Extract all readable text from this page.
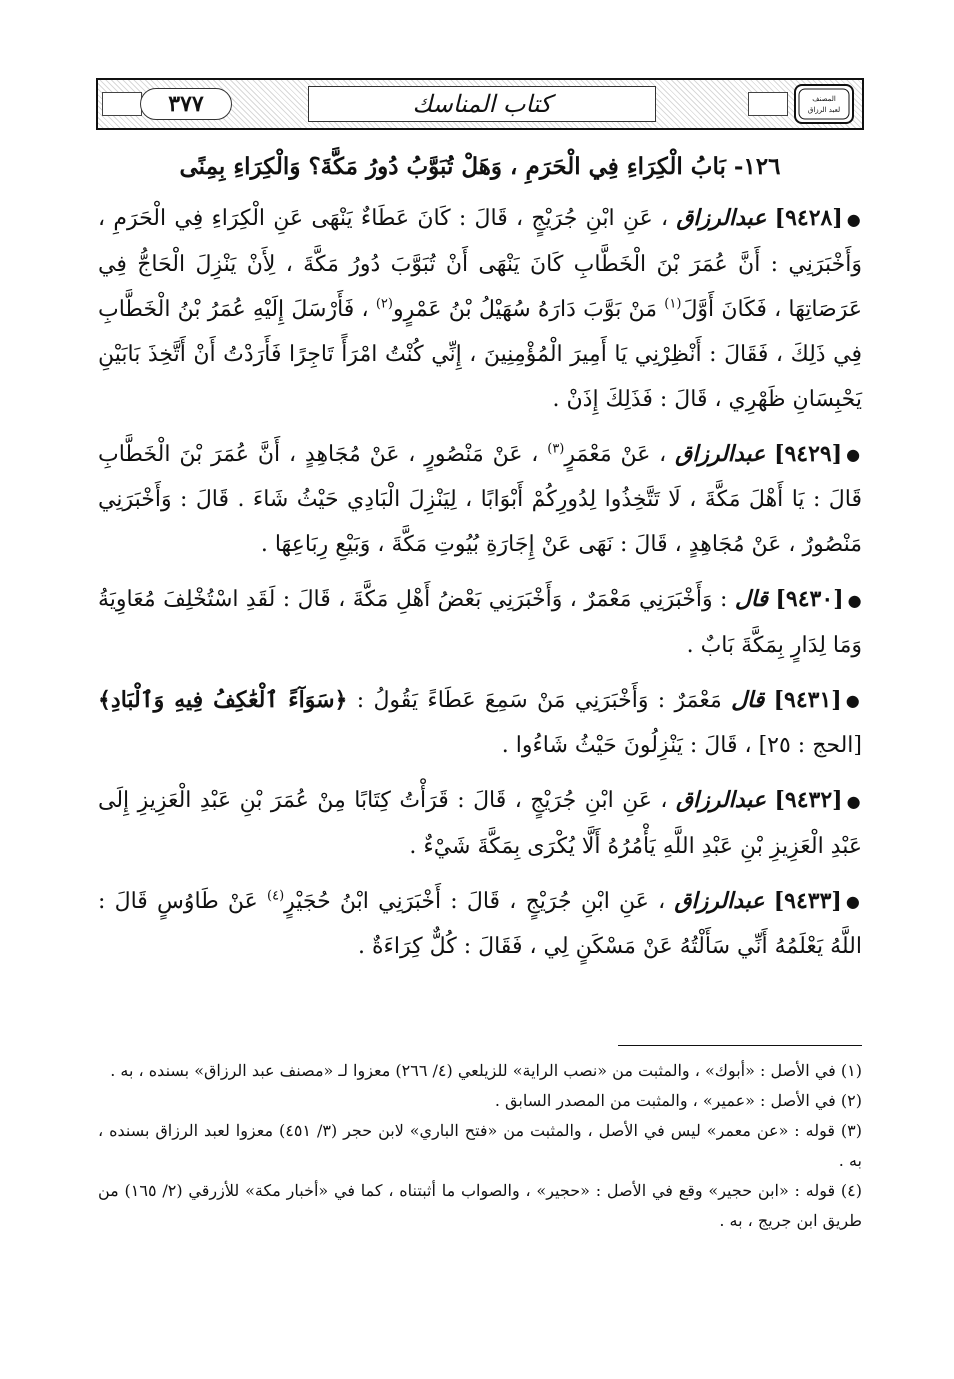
٣٧٧	كتاب المناسك	المصنف
لعبد الرزاق
١٢٦- بَابُ الْكِرَاءِ فِي الْحَرَمِ ، وَهَلْ تُبَوَّبُ دُورُ مَكَّةَ؟ وَالْكِرَاءِ بِمِنًى
●[٩٤٢٨] عبدالرزاق ، عَنِ ابْنِ جُرَيْجٍ ، قَالَ : كَانَ عَطَاءٌ يَنْهَى عَنِ الْكِرَاءِ فِي الْحَرَمِ ، وَأَخْبَرَنِي : أَنَّ عُمَرَ بْنَ الْخَطَّابِ كَانَ يَنْهَى أَنْ تُبَوَّبَ دُورُ مَكَّةَ ، لِأَنْ يَنْزِلَ الْحَاجُّ فِي عَرَصَاتِهَا ، فَكَانَ أَوَّلَ$^{(١)}$ مَنْ بَوَّبَ دَارَهُ سُهَيْلُ بْنُ عَمْرٍو$^{(٢)}$ ، فَأَرْسَلَ إِلَيْهِ عُمَرُ بْنُ الْخَطَّابِ فِي ذَلِكَ ، فَقَالَ : أَنْظِرْنِي يَا أَمِيرَ الْمُؤْمِنِينَ ، إِنِّي كُنْتُ امْرَأً تَاجِرًا فَأَرَدْتُ أَنْ أَتَّخِذَ بَابَيْنِ يَحْبِسَانِ ظَهْرِي ، قَالَ : فَذَلِكَ إِذَنْ .
●[٩٤٢٩] عبدالرزاق ، عَنْ مَعْمَرٍ$^{(٣)}$ ، عَنْ مَنْصُورٍ ، عَنْ مُجَاهِدٍ ، أَنَّ عُمَرَ بْنَ الْخَطَّابِ قَالَ : يَا أَهْلَ مَكَّةَ ، لَا تَتَّخِذُوا لِدُورِكُمْ أَبْوَابًا ، لِيَنْزِلَ الْبَادِي حَيْثُ شَاءَ . قَالَ : وَأَخْبَرَنِي مَنْصُورٌ ، عَنْ مُجَاهِدٍ ، قَالَ : نَهَى عَنْ إِجَارَةِ بُيُوتِ مَكَّةَ ، وَبَيْعِ رِبَاعِهَا .
●[٩٤٣٠] قال : وَأَخْبَرَنِي مَعْمَرٌ ، وَأَخْبَرَنِي بَعْضُ أَهْلِ مَكَّةَ ، قَالَ : لَقَدِ اسْتُخْلِفَ مُعَاوِيَةُ وَمَا لِدَارٍ بِمَكَّةَ بَابٌ .
●[٩٤٣١] قال مَعْمَرٌ : وَأَخْبَرَنِي مَنْ سَمِعَ عَطَاءً يَقُولُ : ﴿سَوَآءً ٱلْعَٰكِفُ فِيهِ وَٱلْبَادِ﴾ [الحج : ٢٥] ، قَالَ : يَنْزِلُونَ حَيْثُ شَاءُوا .
●[٩٤٣٢] عبدالرزاق ، عَنِ ابْنِ جُرَيْجٍ ، قَالَ : قَرَأْتُ كِتَابًا مِنْ عُمَرَ بْنِ عَبْدِ الْعَزِيزِ إِلَى عَبْدِ الْعَزِيزِ بْنِ عَبْدِ اللَّهِ يَأْمُرُهُ أَلَّا يُكْرَى بِمَكَّةَ شَيْءٌ .
●[٩٤٣٣] عبدالرزاق ، عَنِ ابْنِ جُرَيْجٍ ، قَالَ : أَخْبَرَنِي ابْنُ حُجَيْرٍ$^{(٤)}$ عَنْ طَاوُسٍ قَالَ : اللَّهُ يَعْلَمُهُ أَنِّي سَأَلْتُهُ عَنْ مَسْكَنٍ لِي ، فَقَالَ : كُلٌّ كِرَاءَةٌ .
(١) في الأصل : «أبوك» ، والمثبت من «نصب الراية» للزيلعي (٤/ ٢٦٦) معزوا لـ «مصنف عبد الرزاق» بسنده ، به .
(٢) في الأصل : «عمير» ، والمثبت من المصدر السابق .
(٣) قوله : «عن معمر» ليس في الأصل ، والمثبت من «فتح الباري» لابن حجر (٣/ ٤٥١) معزوا لعبد الرزاق بسنده ، به .
(٤) قوله : «ابن حجير» وقع في الأصل : «حجير» ، والصواب ما أثبتناه ، كما في «أخبار مكة» للأزرقي (٢/ ١٦٥) من طريق ابن جريج ، به .
